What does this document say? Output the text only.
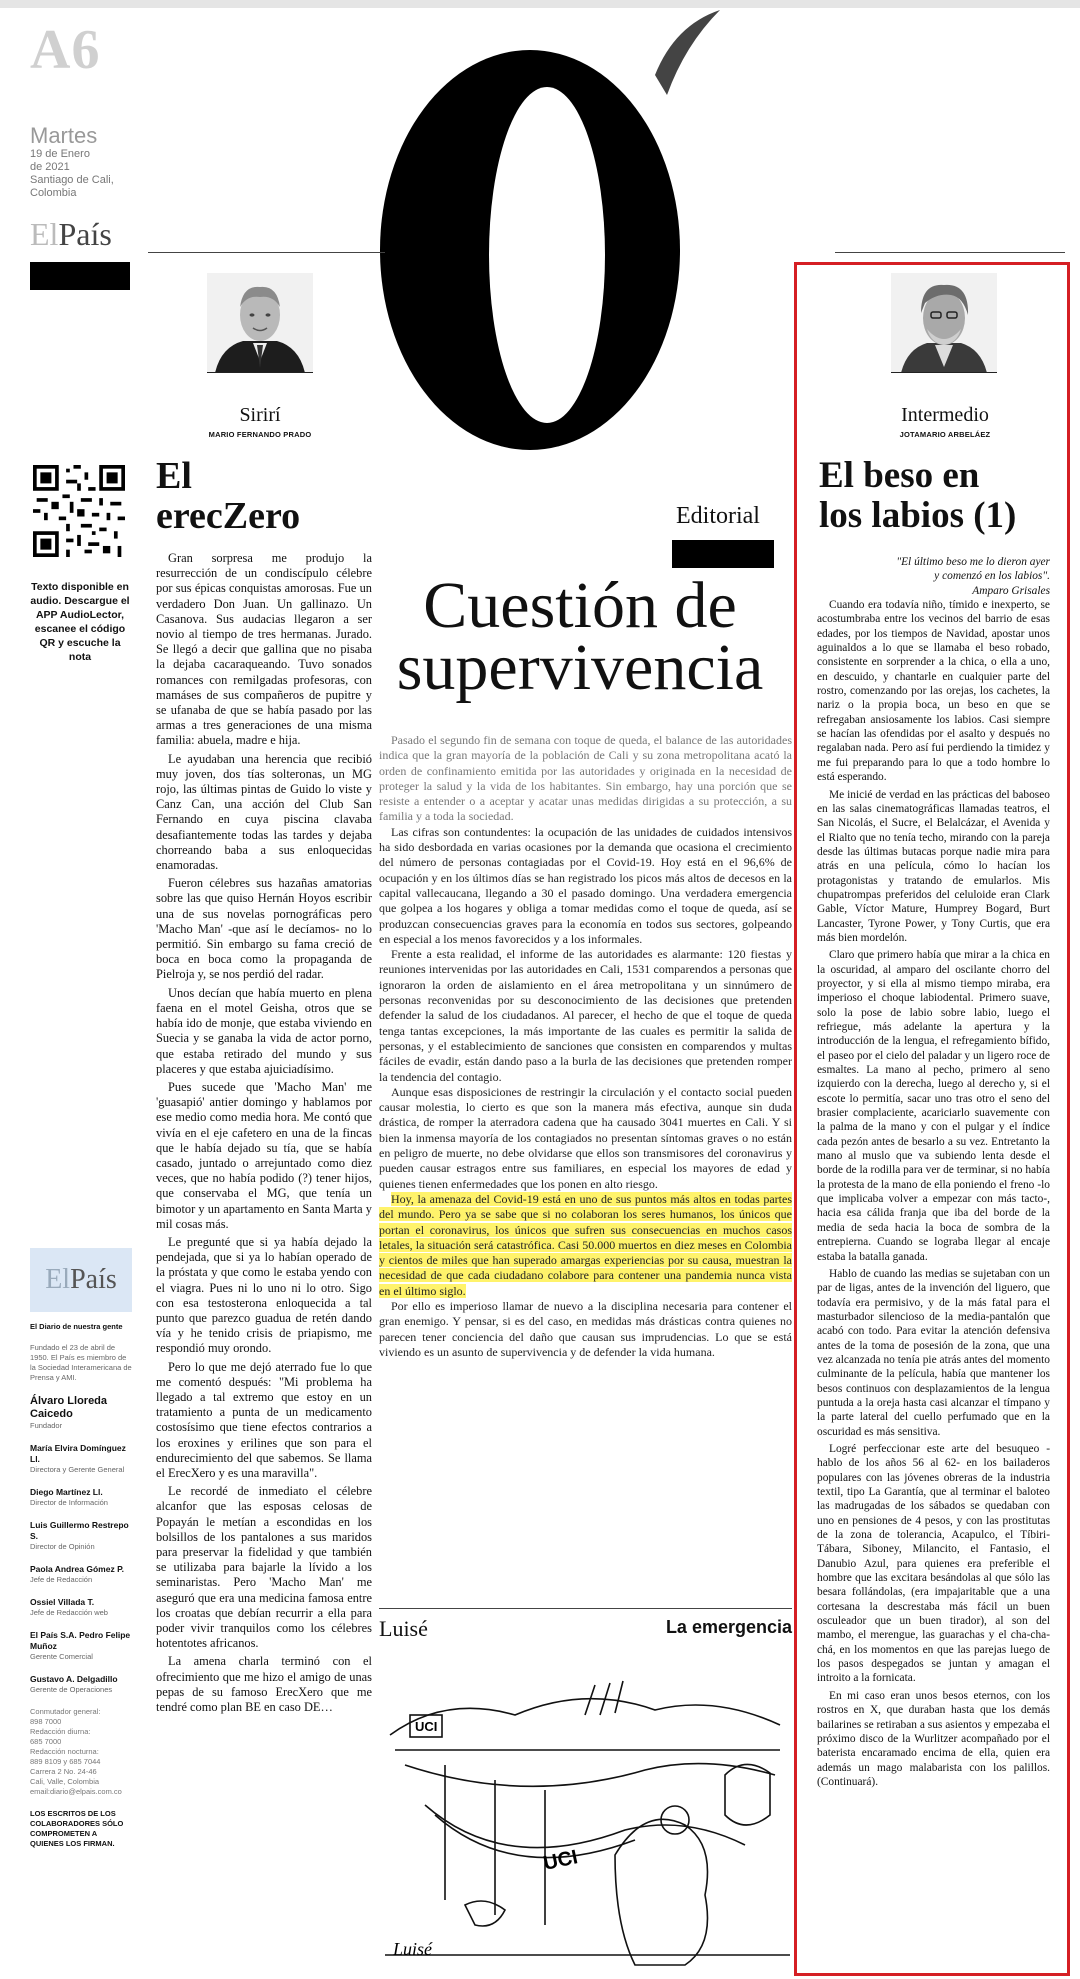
A6
Martes
19 de Enero
de 2021
Santiago de Cali,
Colombia
ElPaís
Texto disponible en audio. Descargue el APP AudioLector, escanee el código QR y escuche la nota
El País
El Diario de nuestra gente
Fundado el 23 de abril de 1950. El País es miembro de la Sociedad Interamericana de Prensa y AMI.
Álvaro Lloreda Caicedo
Fundador
María Elvira Domínguez Ll.
Directora y Gerente General
Diego Martínez Ll.
Director de Información
Luis Guillermo Restrepo S.
Director de Opinión
Paola Andrea Gómez P.
Jefe de Redacción
Ossiel Villada T.
Jefe de Redacción web
El País S.A. Pedro Felipe Muñoz
Gerente Comercial
Gustavo A. Delgadillo
Gerente de Operaciones
Conmutador general:
898 7000
Redacción diurna:
685 7000
Redacción nocturna:
889 8109 y 685 7044
Carrera 2 No. 24-46
Cali, Valle, Colombia
email:diario@elpais.com.co
LOS ESCRITOS DE LOS COLABORADORES SÓLO COMPROMETEN A QUIENES LOS FIRMAN.
Sirirí
MARIO FERNANDO PRADO
El
erecZero

Gran sorpresa me produjo la resurrección de un condiscípulo célebre por sus épicas conquistas amorosas. Fue un verdadero Don Juan. Un gallinazo. Un Casanova. Sus audacias llegaron a ser novio al tiempo de tres hermanas. Jurado. Se llegó a decir que gallina que no pisaba la dejaba cacaraqueando. Tuvo sonados romances con remilgadas profesoras, con mamáses de sus compañeros de pupitre y se ufanaba de que se había pasado por las armas a tres generaciones de una misma familia: abuela, madre e hija.

Le ayudaban una herencia que recibió muy joven, dos tías solteronas, un MG rojo, las últimas pintas de Guido lo viste y Canz Can, una acción del Club San Fernando en cuya piscina clavaba desafiantemente todas las tardes y dejaba chorreando baba a sus enloquecidas enamoradas.

Fueron célebres sus hazañas amatorias sobre las que quiso Hernán Hoyos escribir una de sus novelas pornográficas pero 'Macho Man' -que así le decíamos- no lo permitió. Sin embargo su fama creció de boca en boca como la propaganda de Pielroja y, se nos perdió del radar.

Unos decían que había muerto en plena faena en el motel Geisha, otros que se había ido de monje, que estaba viviendo en Suecia y se ganaba la vida de actor porno, que estaba retirado del mundo y sus placeres y que estaba ajuiciadísimo.

Pues sucede que 'Macho Man' me 'guasapió' antier domingo y hablamos por ese medio como media hora. Me contó que vivía en el eje cafetero en una de la fincas que le había dejado su tía, que se había casado, juntado o arrejuntado como diez veces, que no había podido (?) tener hijos, que conservaba el MG, que tenía un bimotor y un apartamento en Santa Marta y mil cosas más.

Le pregunté que si ya había dejado la pendejada, que si ya lo habían operado de la próstata y que como le estaba yendo con el viagra. Pues ni lo uno ni lo otro. Sigo con esa testosterona enloquecida a tal punto que parezco guadua de retén dando vía y he tenido crisis de priapismo, me respondió muy orondo.

Pero lo que me dejó aterrado fue lo que me comentó después: "Mi problema ha llegado a tal extremo que estoy en un tratamiento a punta de un medicamento costosísimo que tiene efectos contrarios a los eroxines y erilines que son para el endurecimiento del que sabemos. Se llama el ErecXero y es una maravilla".

Le recordé de inmediato el célebre alcanfor que las esposas celosas de Popayán le metían a escondidas en los bolsillos de los pantalones a sus maridos para preservar la fidelidad y que también se utilizaba para bajarle la lívido a los seminaristas. Pero 'Macho Man' me aseguró que era una medicina famosa entre los croatas que debían recurrir a ella para poder vivir tranquilos como los célebres hotentotes africanos.

La amena charla terminó con el ofrecimiento que me hizo el amigo de unas pepas de su famoso ErecXero que me tendré como plan BE en caso DE…

Editorial
Cuestión de
supervivencia

Pasado el segundo fin de semana con toque de queda, el balance de las autoridades indica que la gran mayoría de la población de Cali y su zona metropolitana acató la orden de confinamiento emitida por las autoridades y originada en la necesidad de proteger la salud y la vida de los habitantes. Sin embargo, hay una porción que se resiste a entender o a aceptar y acatar unas medidas dirigidas a su protección, a su familia y a toda la sociedad.

Las cifras son contundentes: la ocupación de las unidades de cuidados intensivos ha sido desbordada en varias ocasiones por la demanda que ocasiona el crecimiento del número de personas contagiadas por el Covid-19. Hoy está en el 96,6% de ocupación y en los últimos días se han registrado los picos más altos de decesos en la capital vallecaucana, llegando a 30 el pasado domingo. Una verdadera emergencia que golpea a los hogares y obliga a tomar medidas como el toque de queda, así se produzcan consecuencias graves para la economía en todos sus sectores, golpeando en especial a los menos favorecidos y a los informales.

Frente a esta realidad, el informe de las autoridades es alarmante: 120 fiestas y reuniones intervenidas por las autoridades en Cali, 1531 comparendos a personas que ignoraron la orden de aislamiento en el área metropolitana y un sinnúmero de personas reconvenidas por su desconocimiento de las decisiones que pretenden defender la salud de los ciudadanos. Al parecer, el hecho de que el toque de queda tenga tantas excepciones, la más importante de las cuales es permitir la salida de personas, y el establecimiento de sanciones que consisten en comparendos y multas fáciles de evadir, están dando paso a la burla de las decisiones que pretenden romper la tendencia del contagio.

Aunque esas disposiciones de restringir la circulación y el contacto social pueden causar molestia, lo cierto es que son la manera más efectiva, aunque sin duda drástica, de romper la aterradora cadena que ha causado 3041 muertes en Cali. Y si bien la inmensa mayoría de los contagiados no presentan síntomas graves o no están en peligro de muerte, no debe olvidarse que ellos son transmisores del coronavirus y pueden causar estragos entre sus familiares, en especial los mayores de edad y quienes tienen enfermedades que los ponen en alto riesgo.

Hoy, la amenaza del Covid-19 está en uno de sus puntos más altos en todas partes del mundo. Pero ya se sabe que si no colaboran los seres humanos, los únicos que portan el coronavirus, los únicos que sufren sus consecuencias en muchos casos letales, la situación será catastrófica. Casi 50.000 muertos en diez meses en Colombia y cientos de miles que han superado amargas experiencias por su causa, muestran la necesidad de que cada ciudadano colabore para contener una pandemia nunca vista en el último siglo.

Por ello es imperioso llamar de nuevo a la disciplina necesaria para contener el gran enemigo. Y pensar, si es del caso, en medidas más drásticas contra quienes no parecen tener conciencia del daño que causan sus imprudencias. Lo que se está viviendo es un asunto de supervivencia y de defender la vida humana.

Luisé	La emergencia
UCI
UCI
Luisé
Intermedio
JOTAMARIO ARBELÁEZ
El beso en
los labios (1)
"El último beso me lo dieron ayer
y comenzó en los labios".
Amparo Grisales

Cuando era todavía niño, tímido e inexperto, se acostumbraba entre los vecinos del barrio de esas edades, por los tiempos de Navidad, apostar unos aguinaldos a lo que se llamaba el beso robado, consistente en sorprender a la chica, o ella a uno, en descuido, y chantarle en cualquier parte del rostro, comenzando por las orejas, los cachetes, la nariz o la propia boca, un beso en que se refregaban ansiosamente los labios. Casi siempre se hacían las ofendidas por el asalto y después no regalaban nada. Pero así fui perdiendo la timidez y me fui preparando para lo que a todo hombre lo está esperando.

Me inicié de verdad en las prácticas del baboseo en las salas cinematográficas llamadas teatros, el San Nicolás, el Sucre, el Belalcázar, el Avenida y el Rialto que no tenía techo, mirando con la pareja desde las últimas butacas porque nadie mira para atrás en una película, cómo lo hacían los protagonistas y tratando de emularlos. Mis chupatrompas preferidos del celuloide eran Clark Gable, Víctor Mature, Humprey Bogard, Burt Lancaster, Tyrone Power, y Tony Curtis, que era más bien mordelón.

Claro que primero había que mirar a la chica en la oscuridad, al amparo del oscilante chorro del proyector, y si ella al mismo tiempo miraba, era imperioso el choque labiodental. Primero suave, solo la pose de labio sobre labio, luego el refriegue, más adelante la apertura y la introducción de la lengua, el refregamiento bífido, el paseo por el cielo del paladar y un ligero roce de esmaltes. La mano al pecho, primero al seno izquierdo con la derecha, luego al derecho y, si el escote lo permitía, sacar uno tras otro el seno del brasier complaciente, acariciarlo suavemente con la palma de la mano y con el pulgar y el índice cada pezón antes de besarlo a su vez. Entretanto la mano al muslo que va subiendo lenta desde el borde de la rodilla para ver de terminar, si no había la protesta de la mano de ella poniendo el freno -lo que implicaba volver a empezar con más tacto-, hacia esa cálida franja que iba del borde de la media de seda hacia la boca de sombra de la entrepierna. Cuando se lograba llegar al encaje estaba la batalla ganada.

Hablo de cuando las medias se sujetaban con un par de ligas, antes de la invención del liguero, que todavía era permisivo, y de la más fatal para el masturbador silencioso de la media-pantalón que acabó con todo. Para evitar la atención defensiva antes de la toma de posesión de la zona, que una vez alcanzada no tenía pie atrás antes del momento culminante de la película, había que mantener los besos continuos con desplazamientos de la lengua puntuda a la oreja hasta casi alcanzar el tímpano y la parte lateral del cuello perfumado que en la oscuridad es más sensitiva.

Logré perfeccionar este arte del besuqueo -hablo de los años 56 al 62- en los bailaderos populares con las jóvenes obreras de la industria textil, tipo La Garantía, que al terminar el baloteo las madrugadas de los sábados se quedaban con uno en pensiones de 4 pesos, y con las prostitutas de la zona de tolerancia, Acapulco, el Tíbiri-Tábara, Siboney, Milancito, el Fantasio, el Danubio Azul, para quienes era preferible el hombre que las excitara besándolas al que sólo las besara follándolas, (era impajaritable que a una cortesana la descrestaba más fácil un buen osculeador que un buen tirador), al son del mambo, el merengue, las guarachas y el cha-cha-chá, en los momentos en que las parejas luego de los pasos despegados se juntan y amagan el introito a la fornicata.

En mi caso eran unos besos eternos, con los rostros en X, que duraban hasta que los demás bailarines se retiraban a sus asientos y empezaba el próximo disco de la Wurlitzer acompañado por el baterista encaramado encima de ella, quien era además un mago malabarista con los palillos. (Continuará).
